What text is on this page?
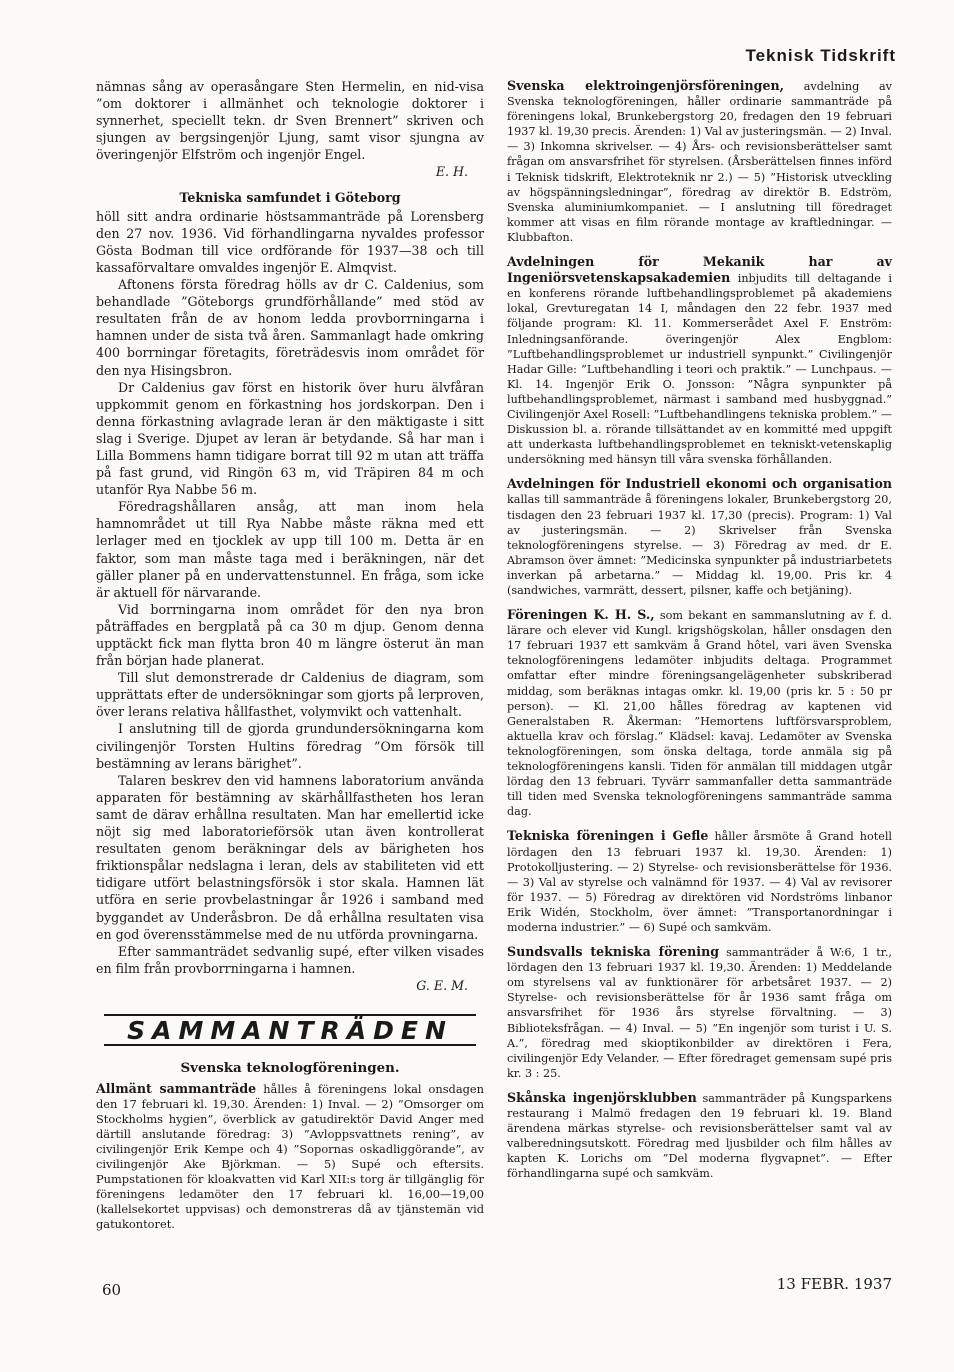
Teknisk Tidskrift

nämnas sång av operasångare Sten Hermelin, en nid-visa ”om doktorer i allmänhet och teknologie doktorer i synnerhet, speciellt tekn. dr Sven Brennert” skriven och sjungen av bergsingenjör Ljung, samt visor sjungna av överingenjör Elfström och ingenjör Engel.

E. H.

Tekniska samfundet i Göteborg

höll sitt andra ordinarie höstsammanträde på Lorensberg den 27 nov. 1936. Vid förhandlingarna nyvaldes professor Gösta Bodman till vice ordförande för 1937—38 och till kassaförvaltare omvaldes ingenjör E. Almqvist.

Aftonens första föredrag hölls av dr C. Caldenius, som behandlade ”Göteborgs grundförhållande” med stöd av resultaten från de av honom ledda provborrningarna i hamnen under de sista två åren. Sammanlagt hade omkring 400 borrningar företagits, företrädesvis inom området för den nya Hisingsbron.

Dr Caldenius gav först en historik över huru älvfåran uppkommit genom en förkastning hos jordskorpan. Den i denna förkastning avlagrade leran är den mäktigaste i sitt slag i Sverige. Djupet av leran är betydande. Så har man i Lilla Bommens hamn tidigare borrat till 92 m utan att träffa på fast grund, vid Ringön 63 m, vid Träpiren 84 m och utanför Rya Nabbe 56 m.

Föredragshållaren ansåg, att man inom hela hamnområdet ut till Rya Nabbe måste räkna med ett lerlager med en tjocklek av upp till 100 m. Detta är en faktor, som man måste taga med i beräkningen, när det gäller planer på en undervattenstunnel. En fråga, som icke är aktuell för närvarande.

Vid borrningarna inom området för den nya bron påträffades en bergplatå på ca 30 m djup. Genom denna upptäckt fick man flytta bron 40 m längre österut än man från början hade planerat.

Till slut demonstrerade dr Caldenius de diagram, som upprättats efter de undersökningar som gjorts på lerproven, över lerans relativa hållfasthet, volymvikt och vattenhalt.

I anslutning till de gjorda grundundersökningarna kom civilingenjör Torsten Hultins föredrag ”Om försök till bestämning av lerans bärighet”.

Talaren beskrev den vid hamnens laboratorium använda apparaten för bestämning av skärhållfastheten hos leran samt de därav erhållna resultaten. Man har emellertid icke nöjt sig med laboratorieförsök utan även kontrollerat resultaten genom beräkningar dels av bärigheten hos friktionspålar nedslagna i leran, dels av stabiliteten vid ett tidigare utfört belastningsförsök i stor skala. Hamnen lät utföra en serie provbelastningar år 1926 i samband med byggandet av Underåsbron. De då erhållna resultaten visa en god överensstämmelse med de nu utförda provningarna.

Efter sammanträdet sedvanlig supé, efter vilken visades en film från provborrningarna i hamnen.

G. E. M.

SAMMANTRÄDEN
Svenska teknologföreningen.

Allmänt sammanträde hålles å föreningens lokal onsdagen den 17 februari kl. 19,30. Ärenden: 1) Inval. — 2) ”Omsorger om Stockholms hygien”, överblick av gatudirektör David Anger med därtill anslutande föredrag: 3) ”Avloppsvattnets rening”, av civilingenjör Erik Kempe och 4) ”Sopornas oskadliggörande”, av civilingenjör Ake Björkman. — 5) Supé och eftersits. Pumpstationen för kloakvatten vid Karl XII:s torg är tillgänglig för föreningens ledamöter den 17 februari kl. 16,00—19,00 (kallelsekortet uppvisas) och demonstreras då av tjänstemän vid gatukontoret.

Svenska elektroingenjörsföreningen, avdelning av Svenska teknologföreningen, håller ordinarie sammanträde på föreningens lokal, Brunkebergstorg 20, fredagen den 19 februari 1937 kl. 19,30 precis. Ärenden: 1) Val av justeringsmän. — 2) Inval. — 3) Inkomna skrivelser. — 4) Års- och revisionsberättelser samt frågan om ansvarsfrihet för styrelsen. (Årsberättelsen finnes införd i Teknisk tidskrift, Elektroteknik nr 2.) — 5) ”Historisk utveckling av högspänningsledningar”, föredrag av direktör B. Edström, Svenska aluminiumkompaniet. — I anslutning till föredraget kommer att visas en film rörande montage av kraftledningar. — Klubbafton.

Avdelningen för Mekanik har av Ingeniörsvetenskapsakademien inbjudits till deltagande i en konferens rörande luftbehandlingsproblemet på akademiens lokal, Grevturegatan 14 I, måndagen den 22 febr. 1937 med följande program: Kl. 11. Kommerserådet Axel F. Enström: Inledningsanförande. överingenjör Alex Engblom: ”Luftbehandlingsproblemet ur industriell synpunkt.” Civilingenjör Hadar Gille: ”Luftbehandling i teori och praktik.” — Lunchpaus. — Kl. 14. Ingenjör Erik O. Jonsson: ”Några synpunkter på luftbehandlingsproblemet, närmast i samband med husbyggnad.” Civilingenjör Axel Rosell: ”Luftbehandlingens tekniska problem.” — Diskussion bl. a. rörande tillsättandet av en kommitté med uppgift att underkasta luftbehandlingsproblemet en tekniskt-vetenskaplig undersökning med hänsyn till våra svenska förhållanden.

Avdelningen för Industriell ekonomi och organisation kallas till sammanträde å föreningens lokaler, Brunkebergstorg 20, tisdagen den 23 februari 1937 kl. 17,30 (precis). Program: 1) Val av justeringsmän. — 2) Skrivelser från Svenska teknologföreningens styrelse. — 3) Föredrag av med. dr E. Abramson över ämnet: ”Medicinska synpunkter på industriarbetets inverkan på arbetarna.” — Middag kl. 19,00. Pris kr. 4 (sandwiches, varmrätt, dessert, pilsner, kaffe och betjäning).

Föreningen K. H. S., som bekant en sammanslutning av f. d. lärare och elever vid Kungl. krigshögskolan, håller onsdagen den 17 februari 1937 ett samkväm å Grand hôtel, vari även Svenska teknologföreningens ledamöter inbjudits deltaga. Programmet omfattar efter mindre föreningsangelägenheter subskriberad middag, som beräknas intagas omkr. kl. 19,00 (pris kr. 5 : 50 pr person). — Kl. 21,00 hålles föredrag av kaptenen vid Generalstaben R. Åkerman: ”Hemortens luftförsvarsproblem, aktuella krav och förslag.” Klädsel: kavaj. Ledamöter av Svenska teknologföreningen, som önska deltaga, torde anmäla sig på teknologföreningens kansli. Tiden för anmälan till middagen utgår lördag den 13 februari. Tyvärr sammanfaller detta sammanträde till tiden med Svenska teknologföreningens sammanträde samma dag.

Tekniska föreningen i Gefle håller årsmöte å Grand hotell lördagen den 13 februari 1937 kl. 19,30. Ärenden: 1) Protokolljustering. — 2) Styrelse- och revisionsberättelse för 1936. — 3) Val av styrelse och valnämnd för 1937. — 4) Val av revisorer för 1937. — 5) Föredrag av direktören vid Nordströms linbanor Erik Widén, Stockholm, över ämnet: ”Transportanordningar i moderna industrier.” — 6) Supé och samkväm.

Sundsvalls tekniska förening sammanträder å W:6, 1 tr., lördagen den 13 februari 1937 kl. 19,30. Ärenden: 1) Meddelande om styrelsens val av funktionärer för arbetsåret 1937. — 2) Styrelse- och revisionsberättelse för år 1936 samt fråga om ansvarsfrihet för 1936 års styrelse förvaltning. — 3) Biblioteksfrågan. — 4) Inval. — 5) ”En ingenjör som turist i U. S. A.”, föredrag med skioptikonbilder av direktören i Fera, civilingenjör Edy Velander. — Efter föredraget gemensam supé pris kr. 3 : 25.

Skånska ingenjörsklubben sammanträder på Kungsparkens restaurang i Malmö fredagen den 19 februari kl. 19. Bland ärendena märkas styrelse- och revisionsberättelser samt val av valberedningsutskott. Föredrag med ljusbilder och film hålles av kapten K. Lorichs om ”Del moderna flygvapnet”. — Efter förhandlingarna supé och samkväm.

60	13 FEBR. 1937
